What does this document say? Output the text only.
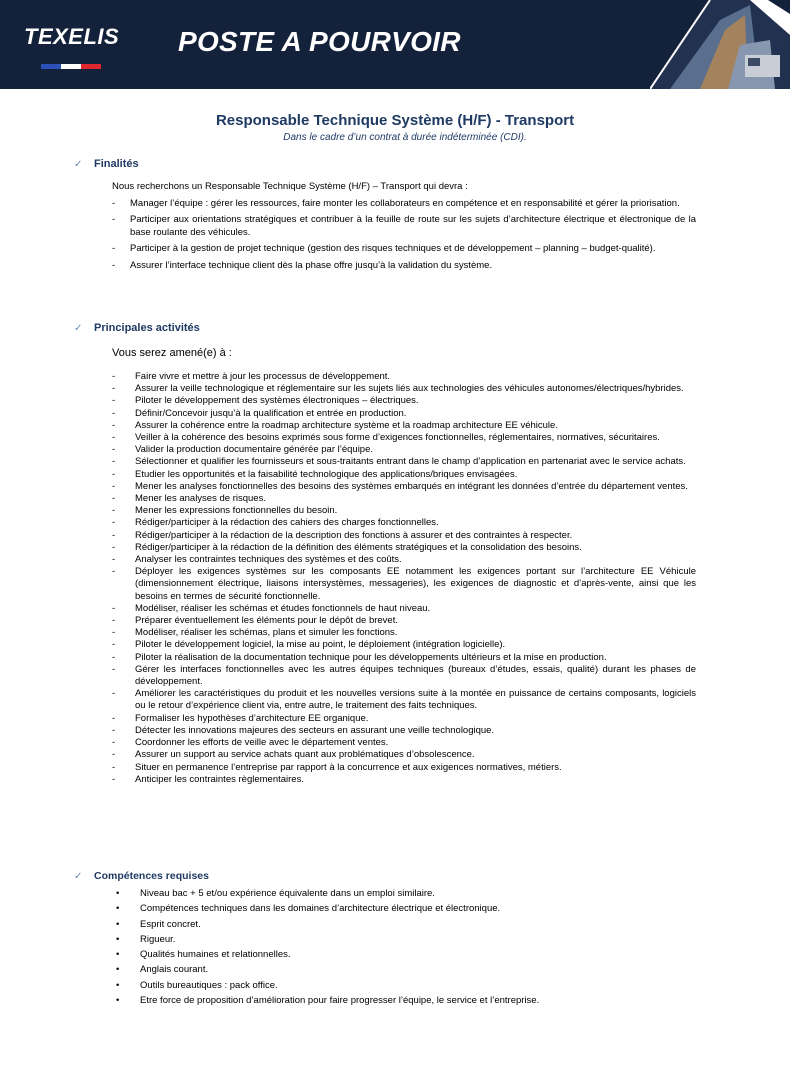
TEXELIS POSTE A POURVOIR
Responsable Technique Système (H/F) - Transport
Dans le cadre d’un contrat à durée indéterminée (CDI).
✓ Finalités
Nous recherchons un Responsable Technique Système (H/F) – Transport qui devra :
- Manager l’équipe : gérer les ressources, faire monter les collaborateurs en compétence et en responsabilité et gérer la priorisation.
- Participer aux orientations stratégiques et contribuer à la feuille de route sur les sujets d’architecture électrique et électronique de la base roulante des véhicules.
- Participer à la gestion de projet technique (gestion des risques techniques et de développement – planning – budget-qualité).
- Assurer l’interface technique client dès la phase offre jusqu’à la validation du système.
✓ Principales activités
Vous serez amené(e) à :
- Faire vivre et mettre à jour les processus de développement.
- Assurer la veille technologique et réglementaire sur les sujets liés aux technologies des véhicules autonomes/électriques/hybrides.
- Piloter le développement des systèmes électroniques – électriques.
- Définir/Concevoir jusqu’à la qualification et entrée en production.
- Assurer la cohérence entre la roadmap architecture système et la roadmap architecture EE véhicule.
- Veiller à la cohérence des besoins exprimés sous forme d’exigences fonctionnelles, réglementaires, normatives, sécuritaires.
- Valider la production documentaire générée par l’équipe.
- Sélectionner et qualifier les fournisseurs et sous-traitants entrant dans le champ d’application en partenariat avec le service achats.
- Etudier les opportunités et la faisabilité technologique des applications/briques envisagées.
- Mener les analyses fonctionnelles des besoins des systèmes embarqués en intégrant les données d’entrée du département ventes.
- Mener les analyses de risques.
- Mener les expressions fonctionnelles du besoin.
- Rédiger/participer à la rédaction des cahiers des charges fonctionnelles.
- Rédiger/participer à la rédaction de la description des fonctions à assurer et des contraintes à respecter.
- Rédiger/participer à la rédaction de la définition des éléments stratégiques et la consolidation des besoins.
- Analyser les contraintes techniques des systèmes et des coûts.
- Déployer les exigences systèmes sur les composants EE notamment les exigences portant sur l’architecture EE Véhicule (dimensionnement électrique, liaisons intersystèmes, messageries), les exigences de diagnostic et d’après-vente, ainsi que les besoins en termes de sécurité fonctionnelle.
- Modéliser, réaliser les schémas et études fonctionnels de haut niveau.
- Préparer éventuellement les éléments pour le dépôt de brevet.
- Modéliser, réaliser les schémas, plans et simuler les fonctions.
- Piloter le développement logiciel, la mise au point, le déploiement (intégration logicielle).
- Piloter la réalisation de la documentation technique pour les développements ultérieurs et la mise en production.
- Gérer les interfaces fonctionnelles avec les autres équipes techniques (bureaux d’études, essais, qualité) durant les phases de développement.
- Améliorer les caractéristiques du produit et les nouvelles versions suite à la montée en puissance de certains composants, logiciels ou le retour d’expérience client via, entre autre, le traitement des faits techniques.
- Formaliser les hypothèses d’architecture EE organique.
- Détecter les innovations majeures des secteurs en assurant une veille technologique.
- Coordonner les efforts de veille avec le département ventes.
- Assurer un support au service achats quant aux problématiques d’obsolescence.
- Situer en permanence l’entreprise par rapport à la concurrence et aux exigences normatives, métiers.
- Anticiper les contraintes règlementaires.
✓ Compétences requises
• Niveau bac + 5 et/ou expérience équivalente dans un emploi similaire.
• Compétences techniques dans les domaines d’architecture électrique et électronique.
• Esprit concret.
• Rigueur.
• Qualités humaines et relationnelles.
• Anglais courant.
• Outils bureautiques : pack office.
• Etre force de proposition d’amélioration pour faire progresser l’équipe, le service et l’entreprise.
